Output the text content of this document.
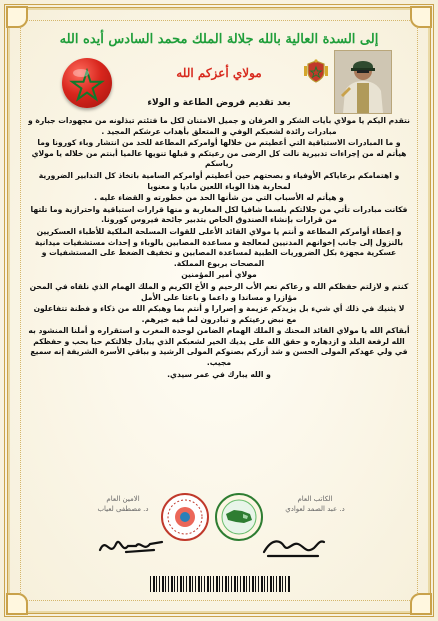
إلى السدة العالية بالله جلالة الملك محمد السادس أيده الله
مولاي أعزكم الله
بعد تقديم فروض الطاعة و الولاء

نتقدم اليكم يا مولاي بأيات الشكر و العرفان و جميل الامتنان لكل ما فتئتم تبذلونه من مجهودات جبارة و مبادرات رائدة لشعبكم الوفي و المتعلق بأهداب عرشكم المجيد .

و ما المبادرات الاستباقية التي أعطيتم من خلالها أوامركم المطاعة للحد من انتشار وباء كورونا وما هيأتم له من إجراءات تدبيرية نالت كل الرضى من رعيتكم و قبلها تنويها عالميا أبنتم من خلاله يا مولاي رياسكم

و اهتمامكم برعاياكم الأوفياء و بصحتهم حين أعطيتم أوامركم السامية باتخاذ كل التدابير الضرورية لمحاربة هذا الوباء اللعين ماديا و معنويا

و هيأتم له الأسباب التي من شأنها الحد من خطورته و القضاء عليه .

فكانت مبادرات تأتي من جلالتكم بلسما شافيا لكل المغاربة و منها قرارات استباقية واحترازية وما تلتها من قرارات بإنشاء الصندوق الخاص بتدبير جائحة فيروس كورونا.

و إعطاء أوامركم المطاعة و أنتم يا مولاي القائد الأعلى للقوات المسلحة الملكية للأطباء العسكريين بالنزول إلى جانب إخوانهم المدنيين لمعالجة و مساعدة المصابين بالوباء و إحداث مستشفيات ميدانية عسكرية مجهزة بكل الضروريات الطبية لمساعدة المصابين و تخفيف الضغط على المستشفيات و المصحات بربوع المملكة.

مولاي أمير المؤمنين

كنتم و لازلتم حفظكم الله و رعاكم نعم الأب الرحيم و الأخ الكريم و الملك الهمام الذي نلقاه في المحن مؤازرا و مساندا و داعما و باعثا على الأمل

لا يثنيك في ذلك أي شيء بل يزيدكم عزيمة و إصرارا و أنتم بما وهبكم الله من ذكاء و فطنة تتفاعلون مع نبض رعيتكم و تبادرون لما فيه خيرهم.

أبقاكم الله يا مولاي القائد المحنك و الملك الهمام الضامن لوحدة المغرب و استقراره و أملنا المنشود به الله لرفعة البلد و ازدهاره و حقق الله على يديك الخير لشعبكم الذي يبادل جلالتكم حبا بحب و حفظكم في ولي عهدكم المولى الحسن و شد أزركم بصنوكم المولى الرشيد و بباقي الأسرة الشريفة إنه سميع مجيب.

و الله يبارك في عمر سيدي.

الامين العام
د. مصطفى لعياب
الكاتب العام
د. عبد الصمد لعوادي
